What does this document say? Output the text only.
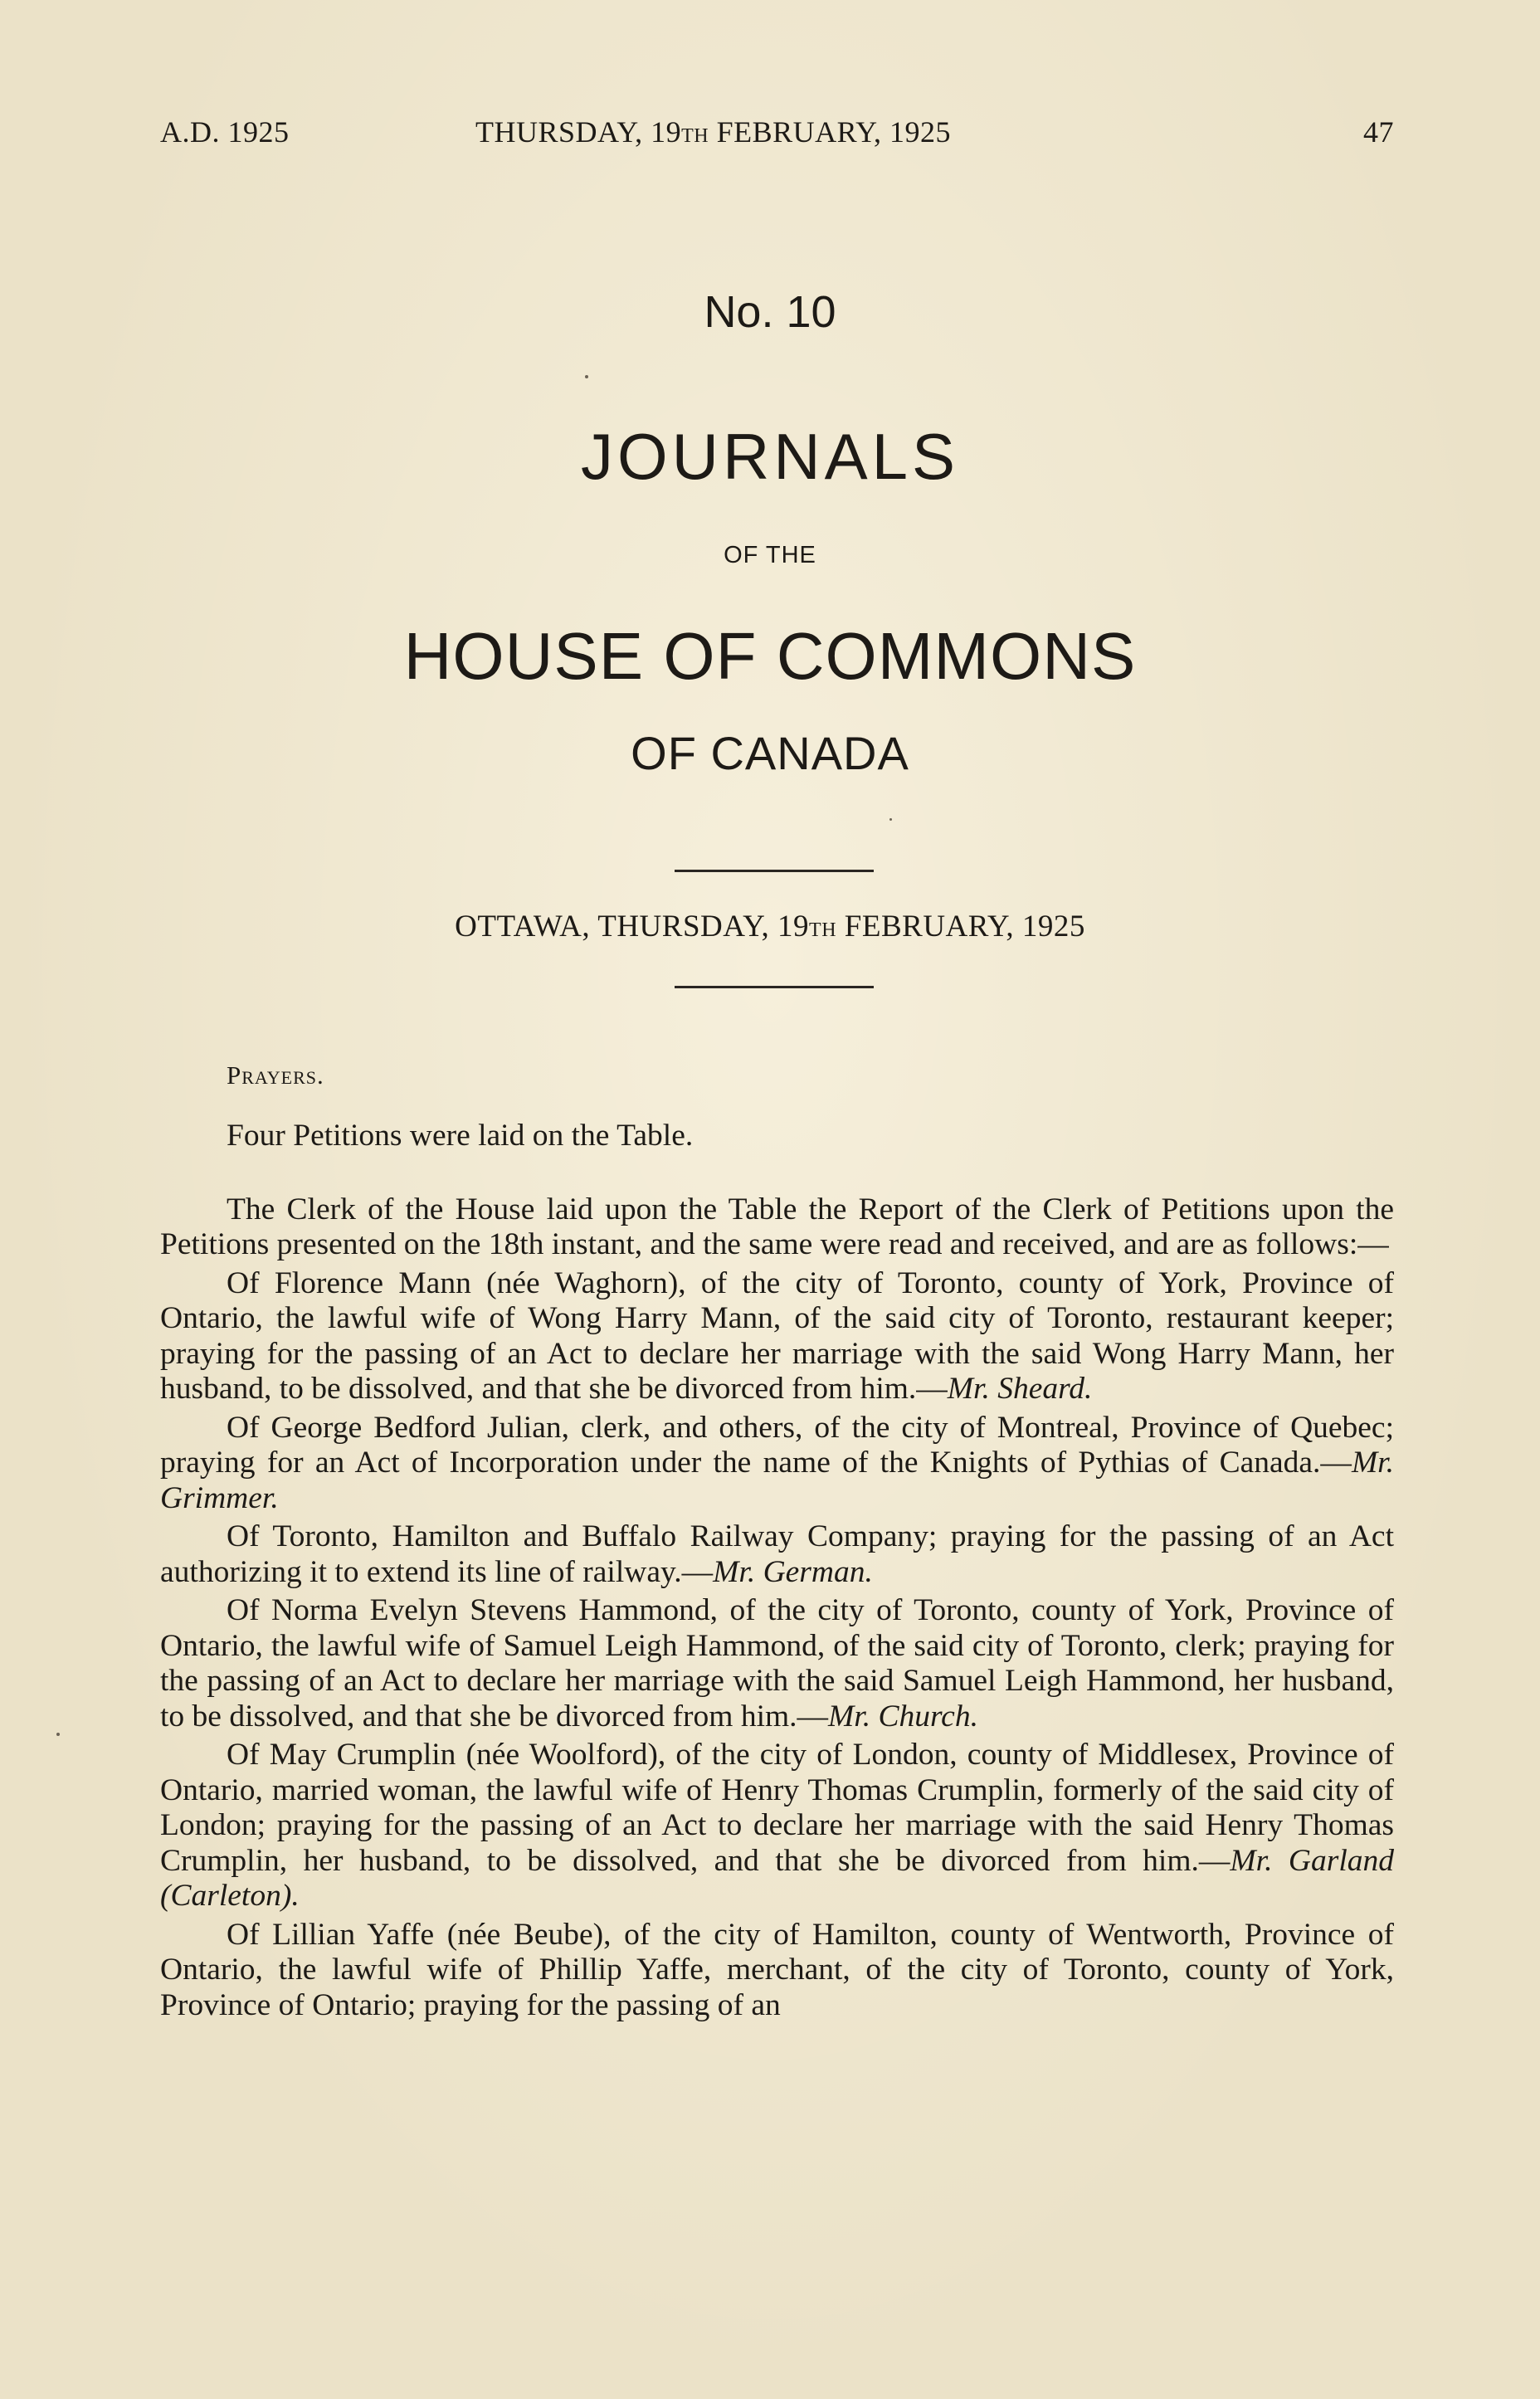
A.D. 1925	THURSDAY, 19TH FEBRUARY, 1925	47
No. 10
JOURNALS
OF THE
HOUSE OF COMMONS
OF CANADA
OTTAWA, THURSDAY, 19TH FEBRUARY, 1925
Prayers.

Four Petitions were laid on the Table.

The Clerk of the House laid upon the Table the Report of the Clerk of Petitions upon the Petitions presented on the 18th instant, and the same were read and received, and are as follows:—

Of Florence Mann (née Waghorn), of the city of Toronto, county of York, Province of Ontario, the lawful wife of Wong Harry Mann, of the said city of Toronto, restaurant keeper; praying for the passing of an Act to declare her marriage with the said Wong Harry Mann, her husband, to be dissolved, and that she be divorced from him.—Mr. Sheard.

Of George Bedford Julian, clerk, and others, of the city of Montreal, Province of Quebec; praying for an Act of Incorporation under the name of the Knights of Pythias of Canada.—Mr. Grimmer.

Of Toronto, Hamilton and Buffalo Railway Company; praying for the passing of an Act authorizing it to extend its line of railway.—Mr. German.

Of Norma Evelyn Stevens Hammond, of the city of Toronto, county of York, Province of Ontario, the lawful wife of Samuel Leigh Hammond, of the said city of Toronto, clerk; praying for the passing of an Act to declare her marriage with the said Samuel Leigh Hammond, her husband, to be dissolved, and that she be divorced from him.—Mr. Church.

Of May Crumplin (née Woolford), of the city of London, county of Middlesex, Province of Ontario, married woman, the lawful wife of Henry Thomas Crumplin, formerly of the said city of London; praying for the passing of an Act to declare her marriage with the said Henry Thomas Crumplin, her husband, to be dissolved, and that she be divorced from him.—Mr. Garland (Carleton).

Of Lillian Yaffe (née Beube), of the city of Hamilton, county of Wentworth, Province of Ontario, the lawful wife of Phillip Yaffe, merchant, of the city of Toronto, county of York, Province of Ontario; praying for the passing of an
